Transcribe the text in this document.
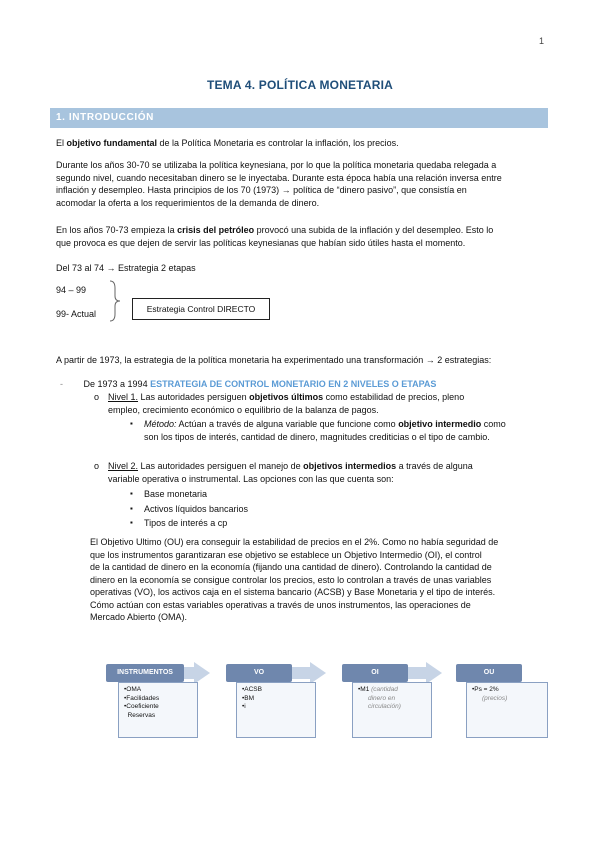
1
TEMA 4. POLÍTICA MONETARIA
1. INTRODUCCIÓN
El objetivo fundamental de la Política Monetaria es controlar la inflación, los precios.
Durante los años 30-70 se utilizaba la política keynesiana, por lo que la política monetaria quedaba relegada a
segundo nivel, cuando necesitaban dinero se le inyectaba. Durante esta época había una relación inversa entre
inflación y desempleo. Hasta principios de los 70 (1973) → política de “dinero pasivo”, que consistía en
acomodar la oferta a los requerimientos de la demanda de dinero.
En los años 70-73 empieza la crisis del petróleo provocó una subida de la inflación y del desempleo. Esto lo
que provoca es que dejen de servir las políticas keynesianas que habían sido útiles hasta el momento.
Del 73 al 74 → Estrategia 2 etapas
94 – 99
99- Actual	Estrategia Control DIRECTO
A partir de 1973, la estrategia de la política monetaria ha experimentado una transformación → 2 estrategias:
- De 1973 a 1994 ESTRATEGIA DE CONTROL MONETARIO EN 2 NIVELES O ETAPAS
o Nivel 1. Las autoridades persiguen objetivos últimos como estabilidad de precios, pleno
empleo, crecimiento económico o equilibrio de la balanza de pagos.
▪ Método: Actúan a través de alguna variable que funcione como objetivo intermedio como
son los tipos de interés, cantidad de dinero, magnitudes crediticias o el tipo de cambio.
o Nivel 2. Las autoridades persiguen el manejo de objetivos intermedios a través de alguna
variable operativa o instrumental. Las opciones con las que cuenta son:
▪ Base monetaria
▪ Activos líquidos bancarios
▪ Tipos de interés a cp
El Objetivo Ultimo (OU) era conseguir la estabilidad de precios en el 2%. Como no había seguridad de
que los instrumentos garantizaran ese objetivo se establece un Objetivo Intermedio (OI), el control
de la cantidad de dinero en la economía (fijando una cantidad de dinero). Controlando la cantidad de
dinero en la economía se consigue controlar los precios, esto lo controlan a través de unas variables
operativas (VO), los activos caja en el sistema bancario (ACSB) y Base Monetaria y el tipo de interés.
Cómo actúan con estas variables operativas a través de unos instrumentos, las operaciones de
Mercado Abierto (OMA).
INSTRUMENTOS
•OMA
•Facilidades
•Coeficiente
Reservas
VO
•ACSB
•BM
•i
OI
•M1 (cantidad
dinero en
circulación)
OU
•Ps = 2%
(precios)
